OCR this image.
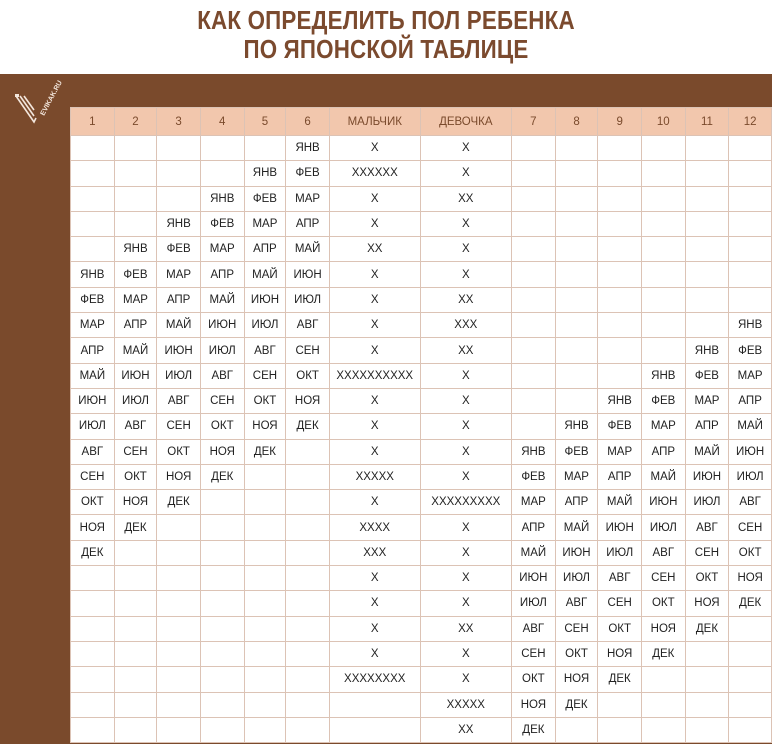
КАК ОПРЕДЕЛИТЬ ПОЛ РЕБЕНКА
ПО ЯПОНСКОЙ ТАБЛИЦЕ
EVIKAK.RU
1	2	3	4	5	6	МАЛЬЧИК	ДЕВОЧКА	7	8	9	10	11	12
					ЯНВ	X	X						
				ЯНВ	ФЕВ	XXXXXX	X						
			ЯНВ	ФЕВ	МАР	X	XX						
		ЯНВ	ФЕВ	МАР	АПР	X	X						
	ЯНВ	ФЕВ	МАР	АПР	МАЙ	XX	X						
ЯНВ	ФЕВ	МАР	АПР	МАЙ	ИЮН	X	X						
ФЕВ	МАР	АПР	МАЙ	ИЮН	ИЮЛ	X	XX						
МАР	АПР	МАЙ	ИЮН	ИЮЛ	АВГ	X	XXX						ЯНВ
АПР	МАЙ	ИЮН	ИЮЛ	АВГ	СЕН	X	XX					ЯНВ	ФЕВ
МАЙ	ИЮН	ИЮЛ	АВГ	СЕН	ОКТ	XXXXXXXXXX	X				ЯНВ	ФЕВ	МАР
ИЮН	ИЮЛ	АВГ	СЕН	ОКТ	НОЯ	X	X			ЯНВ	ФЕВ	МАР	АПР
ИЮЛ	АВГ	СЕН	ОКТ	НОЯ	ДЕК	X	X		ЯНВ	ФЕВ	МАР	АПР	МАЙ
АВГ	СЕН	ОКТ	НОЯ	ДЕК		X	X	ЯНВ	ФЕВ	МАР	АПР	МАЙ	ИЮН
СЕН	ОКТ	НОЯ	ДЕК			XXXXX	X	ФЕВ	МАР	АПР	МАЙ	ИЮН	ИЮЛ
ОКТ	НОЯ	ДЕК				X	XXXXXXXXX	МАР	АПР	МАЙ	ИЮН	ИЮЛ	АВГ
НОЯ	ДЕК					XXXX	X	АПР	МАЙ	ИЮН	ИЮЛ	АВГ	СЕН
ДЕК						XXX	X	МАЙ	ИЮН	ИЮЛ	АВГ	СЕН	ОКТ
						X	X	ИЮН	ИЮЛ	АВГ	СЕН	ОКТ	НОЯ
						X	X	ИЮЛ	АВГ	СЕН	ОКТ	НОЯ	ДЕК
						X	XX	АВГ	СЕН	ОКТ	НОЯ	ДЕК	
						X	X	СЕН	ОКТ	НОЯ	ДЕК		
						XXXXXXXX	X	ОКТ	НОЯ	ДЕК			
							XXXXX	НОЯ	ДЕК				
							XX	ДЕК					
